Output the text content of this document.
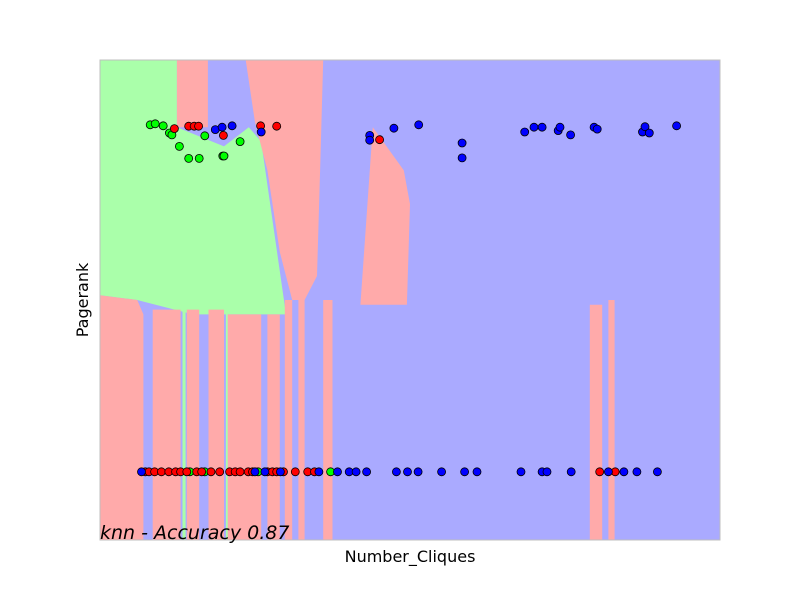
Number_Cliques
Pagerank
knn - Accuracy 0.87
